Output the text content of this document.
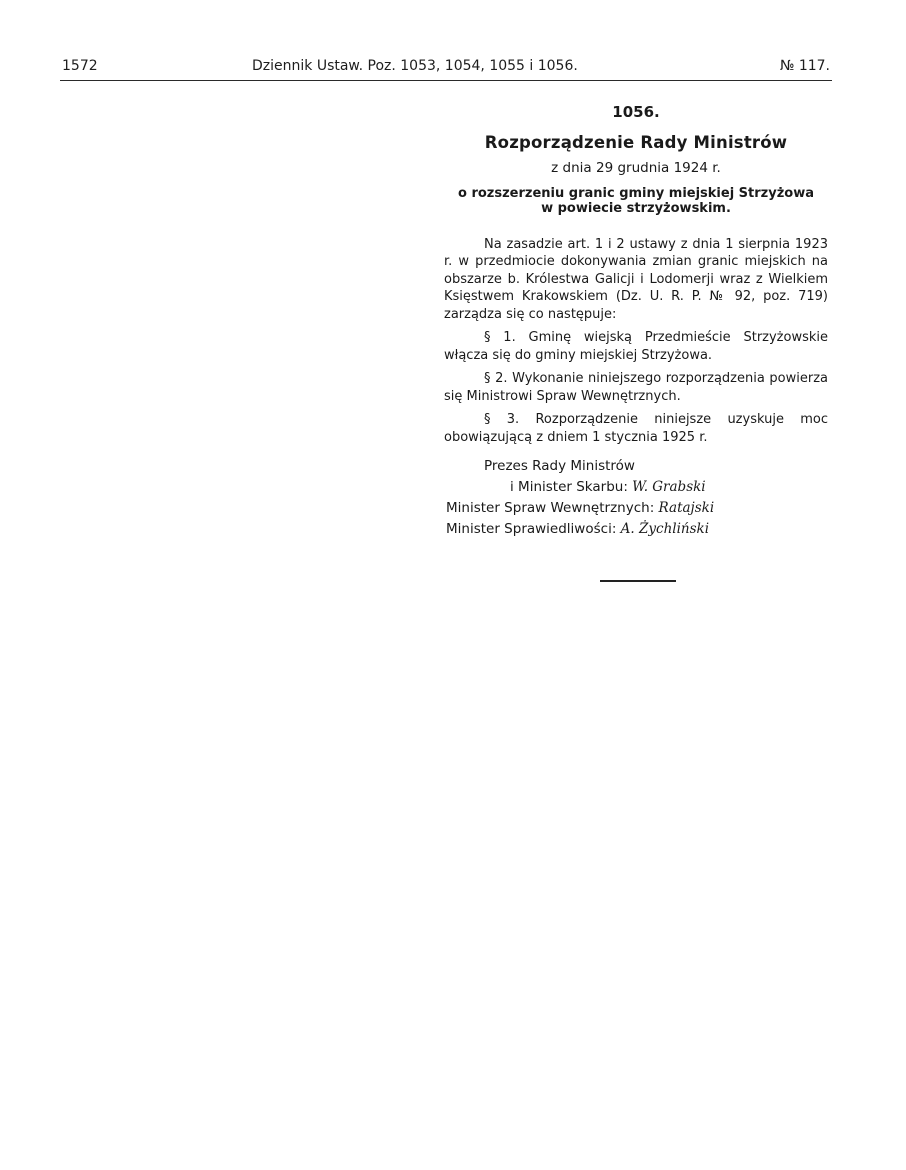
1572	Dziennik Ustaw. Poz. 1053, 1054, 1055 i 1056.	№ 117.
1056.
Rozporządzenie Rady Ministrów
z dnia 29 grudnia 1924 r.
o rozszerzeniu granic gminy miejskiej Strzyżowa
w powiecie strzyżowskim.

Na zasadzie art. 1 i 2 ustawy z dnia 1 sierpnia 1923 r. w przedmiocie dokonywania zmian granic miejskich na obszarze b. Królestwa Galicji i Lodomerji wraz z Wielkiem Księstwem Krakowskiem (Dz. U. R. P. № 92, poz. 719) zarządza się co następuje:

§ 1. Gminę wiejską Przedmieście Strzyżowskie włącza się do gminy miejskiej Strzyżowa.

§ 2. Wykonanie niniejszego rozporządzenia powierza się Ministrowi Spraw Wewnętrznych.

§ 3. Rozporządzenie niniejsze uzyskuje moc obowiązującą z dniem 1 stycznia 1925 r.

Prezes Rady Ministrów
i Minister Skarbu: W. Grabski
Minister Spraw Wewnętrznych: Ratajski
Minister Sprawiedliwości: A. Żychliński
